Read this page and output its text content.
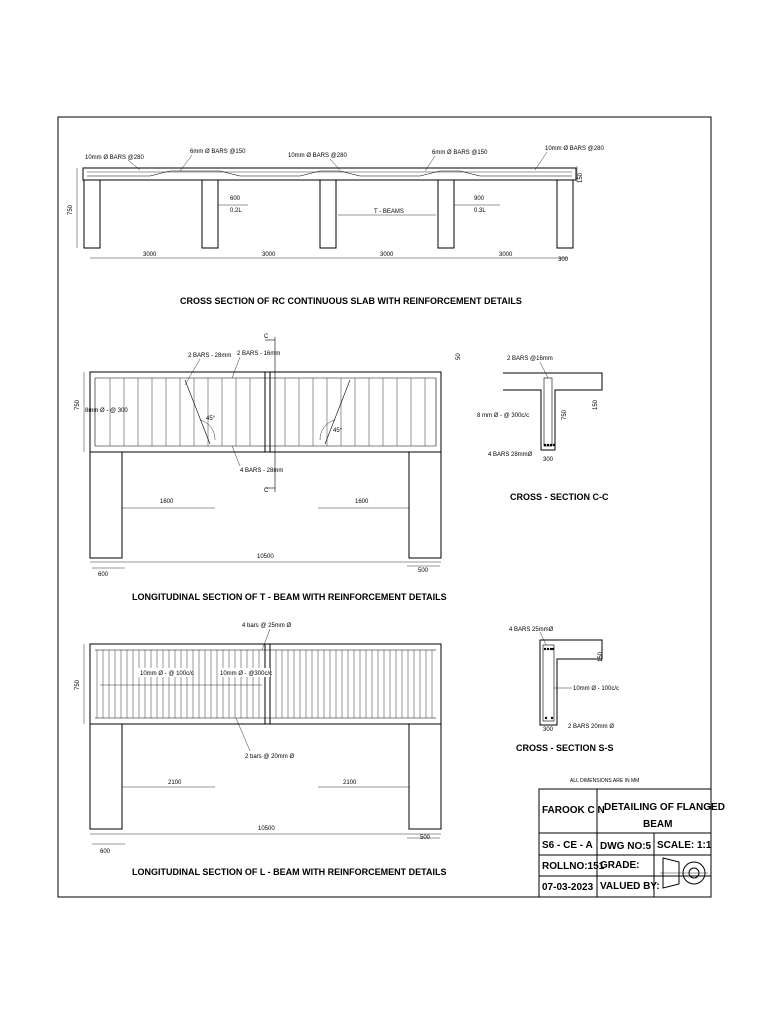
10mm Ø BARS @280
6mm Ø BARS @150
10mm Ø BARS @280	6mm Ø BARS @150
10mm Ø BARS @280
150
750
600
0.2L
900
0.3L
T - BEAMS
3000	3000	3000	3000
300
CROSS SECTION OF RC CONTINUOUS SLAB WITH REINFORCEMENT DETAILS
45°
45°
C
C
2 BARS - 28mm 2 BARS - 16mm
8mm Ø - @ 300
4 BARS - 28mm
750
50
1600	1600
10500
600
500
LONGITUDINAL SECTION OF T - BEAM WITH REINFORCEMENT DETAILS
2 BARS @16mm
8 mm Ø - @ 300c/c
4 BARS 28mmØ
300
750
150
CROSS - SECTION C-C
10mm Ø - @ 100c/c	10mm Ø - @300c/c
4 bars @ 25mm Ø
2 bars @ 20mm Ø
750
2100	2100
10500
600
500
LONGITUDINAL SECTION OF L - BEAM WITH REINFORCEMENT DETAILS
4 BARS 25mmØ
10mm Ø - 100c/c
2 BARS 20mm Ø
300
150
CROSS - SECTION S-S
ALL DIMENSIONS ARE IN MM
FAROOK C N DETAILING OF FLANGED
BEAM
S6 - CE - A DWG NO:5 SCALE: 1:1
ROLLNO:151
GRADE:
07-03-2023 VALUED BY:
